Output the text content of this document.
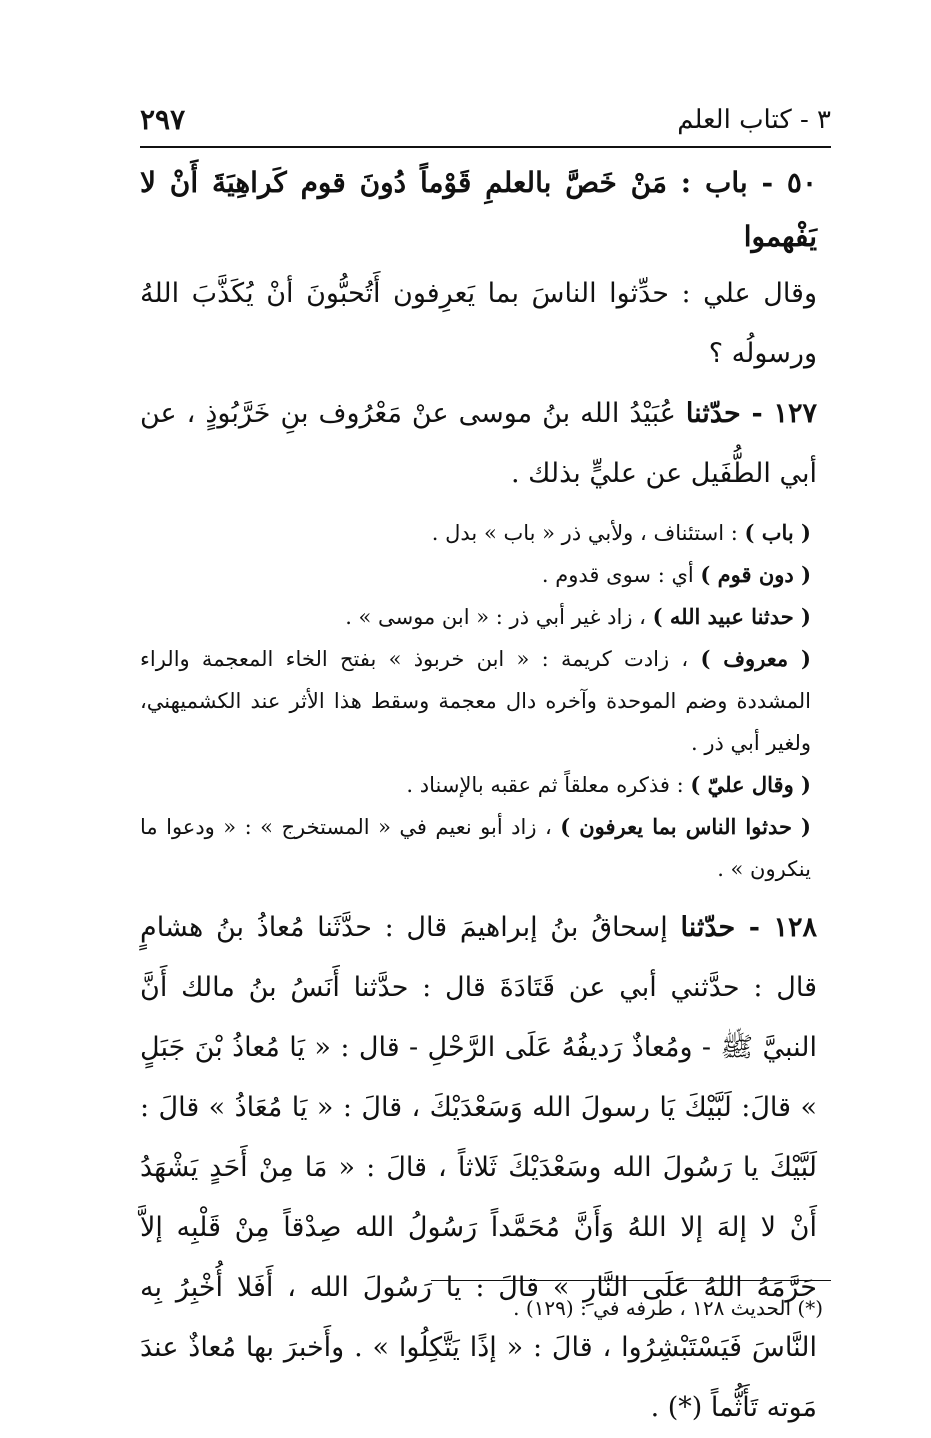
٣ - كتاب العلم
٢٩٧

٥٠ - باب : مَنْ خَصَّ بالعلمِ قَوْماً دُونَ قوم كَراهِيَةَ أَنْ لا يَفْهموا

وقال علي : حدِّثوا الناسَ بما يَعرِفون أَتُحبُّونَ أنْ يُكَذَّبَ اللهُ ورسولُه ؟

١٢٧ - حدّثنا عُبَيْدُ الله بنُ موسى عنْ مَعْرُوف بنِ خَرَّبُوذٍ ، عن أبي الطُّفَيل عن عليٍّ بذلك .

( باب ) : استئناف ، ولأبي ذر « باب » بدل .

( دون قوم ) أي : سوى قدوم .

( حدثنا عبيد الله ) ، زاد غير أبي ذر : « ابن موسى » .

( معروف ) ، زادت كريمة : « ابن خربوذ » بفتح الخاء المعجمة والراء المشددة وضم الموحدة وآخره دال معجمة وسقط هذا الأثر عند الكشميهني، ولغير أبي ذر .

( وقال عليّ ) : فذكره معلقاً ثم عقبه بالإسناد .

( حدثوا الناس بما يعرفون ) ، زاد أبو نعيم في « المستخرج » : « ودعوا ما ينكرون » .

١٢٨ - حدّثنا إسحاقُ بنُ إبراهيمَ قال : حدَّثَنا مُعاذُ بنُ هشامٍ قال : حدَّثني أبي عن قَتَادَةَ قال : حدَّثنا أَنَسُ بنُ مالك أَنَّ النبيَّ ﷺ - ومُعاذٌ رَديفُهُ عَلَى الرَّحْلِ - قال : « يَا مُعاذُ بْنَ جَبَلٍ » قالَ: لَبَّيْكَ يَا رسولَ الله وَسَعْدَيْكَ ، قالَ : « يَا مُعَاذُ » قالَ : لَبَّيْكَ يا رَسُولَ الله وسَعْدَيْكَ ثَلاثاً ، قالَ : « مَا مِنْ أَحَدٍ يَشْهَدُ أَنْ لا إلهَ إلا اللهُ وَأَنَّ مُحَمَّداً رَسُولُ الله صِدْقاً مِنْ قَلْبِه إلاَّ حَرَّمَهُ اللهُ عَلَى النَّارِ » قالَ : يا رَسُولَ الله ، أَفَلا أُخْبِرُ بِه النَّاسَ فَيَسْتَبْشِرُوا ، قالَ : « إذًا يَتَّكِلُوا » . وأَخبرَ بها مُعاذٌ عندَ مَوته تَأَثُّماً (*) .

(*) الحديث ١٢٨ ، طرفه في : (١٢٩) .
